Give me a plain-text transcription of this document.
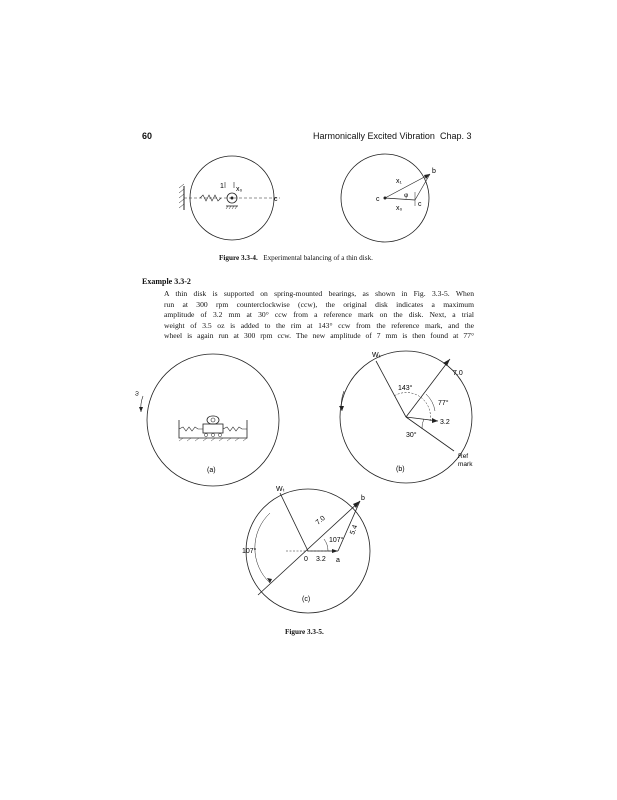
60	Harmonically Excited Vibration Chap. 3
1 x₀
c
x₁
x₀
φ
b
c
c
Figure 3.3-4. Experimental balancing of a thin disk.
Example 3.3-2
A thin disk is supported on spring-mounted bearings, as shown in Fig. 3.3-5. When
run at 300 rpm counterclockwise (ccw), the original disk indicates a maximum
amplitude of 3.2 mm at 30° ccw from a reference mark on the disk. Next, a trial
weight of 3.5 oz is added to the rim at 143° ccw from the reference mark, and the
wheel is again run at 300 rpm ccw. The new amplitude of 7 mm is then found at 77°
ω
(a)
Wₜ
7.0
3.2
143°
77°
30°
(b)
Ref
mark
Wₜ
b
7.0
5.4
107°
107°
0 3.2 a
(c)
Figure 3.3-5.
